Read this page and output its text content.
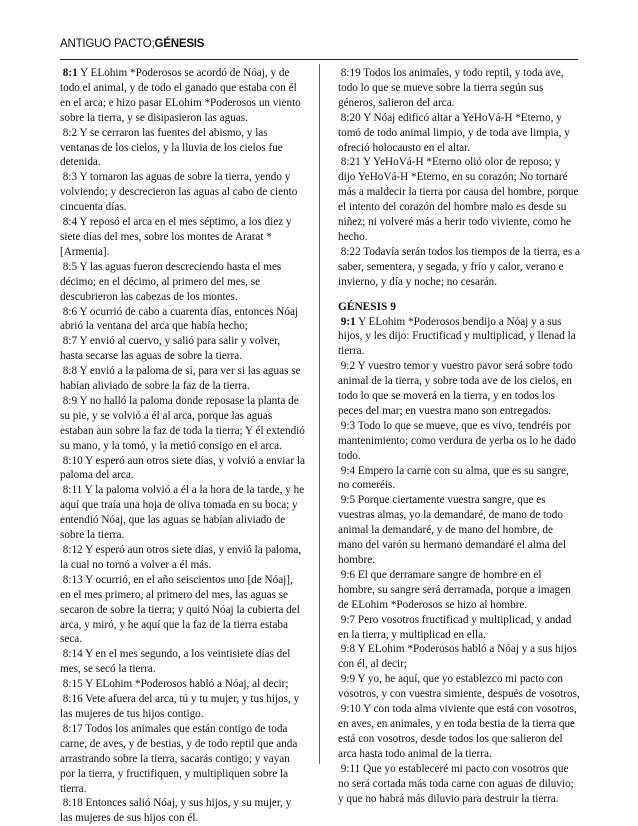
ANTIGUO PACTO;GÉNESIS

8:1 Y ELohim *Poderosos se acordó de Nóaj, y de todo el animal, y de todo el ganado que estaba con él en el arca; e hizo pasar ELohim *Poderosos un viento sobre la tierra, y se disipasieron las aguas.

8:2 Y se cerraron las fuentes del abismo, y las ventanas de los cielos, y la lluvia de los cielos fue detenida.

8:3 Y tornaron las aguas de sobre la tierra, yendo y volviendo; y descrecieron las aguas al cabo de ciento cincuenta días.

8:4 Y reposó el arca en el mes séptimo, a los diez y siete días del mes, sobre los montes de Ararat *[Armenia].

8:5 Y las aguas fueron descreciendo hasta el mes décimo; en el décimo, al primero del mes, se descubrieron las cabezas de los montes.

8:6 Y ocurrió de cabo a cuarenta días, entonces Nóaj abrió la ventana del arca que había hecho;

8:7 Y envió al cuervo, y salió para salir y volver, hasta secarse las aguas de sobre la tierra.

8:8 Y envió a la paloma de sí, para ver si las aguas se habían aliviado de sobre la faz de la tierra.

8:9 Y no halló la paloma donde reposase la planta de su pie, y se volvió a él al arca, porque las aguas estaban aun sobre la faz de toda la tierra; Y él extendió su mano, y la tomó, y la metió consigo en el arca.

8:10 Y esperó aun otros siete días, y volvió a enviar la paloma del arca.

8:11 Y la paloma volvió a él a la hora de la tarde, y he aquí que traía una hoja de oliva tomada en su boca; y entendió Nóaj, que las aguas se habían aliviado de sobre la tierra.

8:12 Y esperó aun otros siete días, y envió la paloma, la cual no tornó a volver a él más.

8:13 Y ocurrió, en el año seiscientos uno [de Nóaj], en el mes primero, al primero del mes, las aguas se secaron de sobre la tierra; y quitó Nóaj la cubierta del arca, y miró, y he aquí que la faz de la tierra estaba seca.

8:14 Y en el mes segundo, a los veintisiete días del mes, se secó la tierra.

8:15 Y ELohim *Poderosos habló a Nóaj, al decir;

8:16 Vete afuera del arca, tú y tu mujer, y tus hijos, y las mujeres de tus hijos contigo.

8:17 Todos los animales que están contigo de toda carne, de aves, y de bestias, y de todo reptil que anda arrastrando sobre la tierra, sacarás contigo; y vayan por la tierra, y fructifiquen, y multipliquen sobre la tierra.

8:18 Entonces salió Nóaj, y sus hijos, y su mujer, y las mujeres de sus hijos con él.

8:19 Todos los animales, y todo reptil, y toda ave, todo lo que se mueve sobre la tierra según sus géneros, salieron del arca.

8:20 Y Nóaj edificó altar a YeHoVá-H *Eterno, y tomó de todo animal limpio, y de toda ave limpia, y ofreció holocausto en el altar.

8:21 Y YeHoVá-H *Eterno olió olor de reposo; y dijo YeHoVá-H *Eterno, en su corazón; No tornaré más a maldecir la tierra por causa del hombre, porque el intento del corazón del hombre malo es desde su niñez; ni volveré más a herir todo viviente, como he hecho.

8:22 Todavía serán todos los tiempos de la tierra, es a saber, sementera, y segada, y frío y calor, verano e invierno, y día y noche; no cesarán.

GÉNESIS 9

9:1 Y ELohim *Poderosos bendijo a Nóaj y a sus hijos, y les dijo: Fructificad y multiplicad, y llenad la tierra.

9:2 Y vuestro temor y vuestro pavor será sobre todo animal de la tierra, y sobre toda ave de los cielos, en todo lo que se moverá en la tierra, y en todos los peces del mar; en vuestra mano son entregados.

9:3 Todo lo que se mueve, que es vivo, tendréis por mantenimiento; como verdura de yerba os lo he dado todo.

9:4 Empero la carne con su alma, que es su sangre, no comeréis.

9:5 Porque ciertamente vuestra sangre, que es vuestras almas, yo la demandaré, de mano de todo animal la demandaré, y de mano del hombre, de mano del varón su hermano demandaré el alma del hombre.

9:6 El que derramare sangre de hombre en el hombre, su sangre será derramada, porque a imagen de ELohim *Poderosos se hizo al hombre.

9:7 Pero vosotros fructificad y multiplicad, y andad en la tierra, y multiplicad en ella.

9:8 Y ELohim *Poderosos habló a Nóaj y a sus hijos con él, al decir;

9:9 Y yo, he aquí, que yo establezco mi pacto con vosotros, y con vuestra simiente, después de vosotros,

9:10 Y con toda alma viviente que está con vosotros, en aves, en animales, y en toda bestia de la tierra que está con vosotros, desde todos los que salieron del arca hasta todo animal de la tierra.

9:11 Que yo estableceré mi pacto con vosotros que no será cortada más toda carne con aguas de diluvio; y que no habrá más diluvio para destruir la tierra.
